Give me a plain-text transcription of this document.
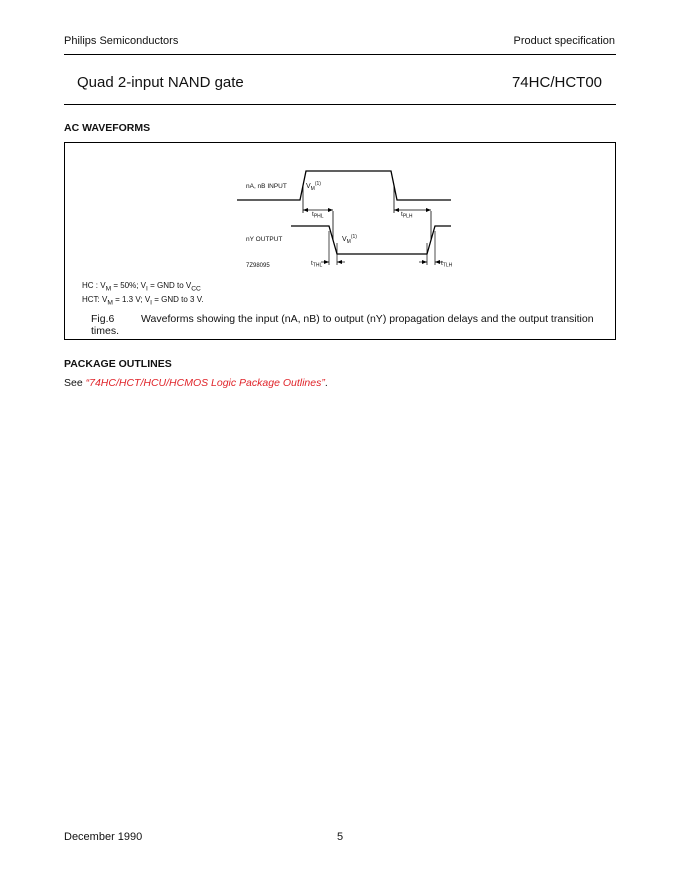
Philips Semiconductors	Product specification
Quad 2-input NAND gate	74HC/HCT00
AC WAVEFORMS
nA, nB INPUT
nY OUTPUT
7Z98095
$V_M^{(1)}$
$V_M^{(1)}$
$t_{PHL}$	$t_{PLH}$
$t_{THL}$	$t_{TLH}$
HC : $V_M = 50\%$; $V_I$ = GND to $V_{CC}$
HCT: $V_M = 1.3$ V; $V_I$ = GND to 3 V.
Fig.6	Waveforms showing the input (nA, nB) to output (nY) propagation delays and the output transition times.
PACKAGE OUTLINES
See “74HC/HCT/HCU/HCMOS Logic Package Outlines”.
December 1990	5
